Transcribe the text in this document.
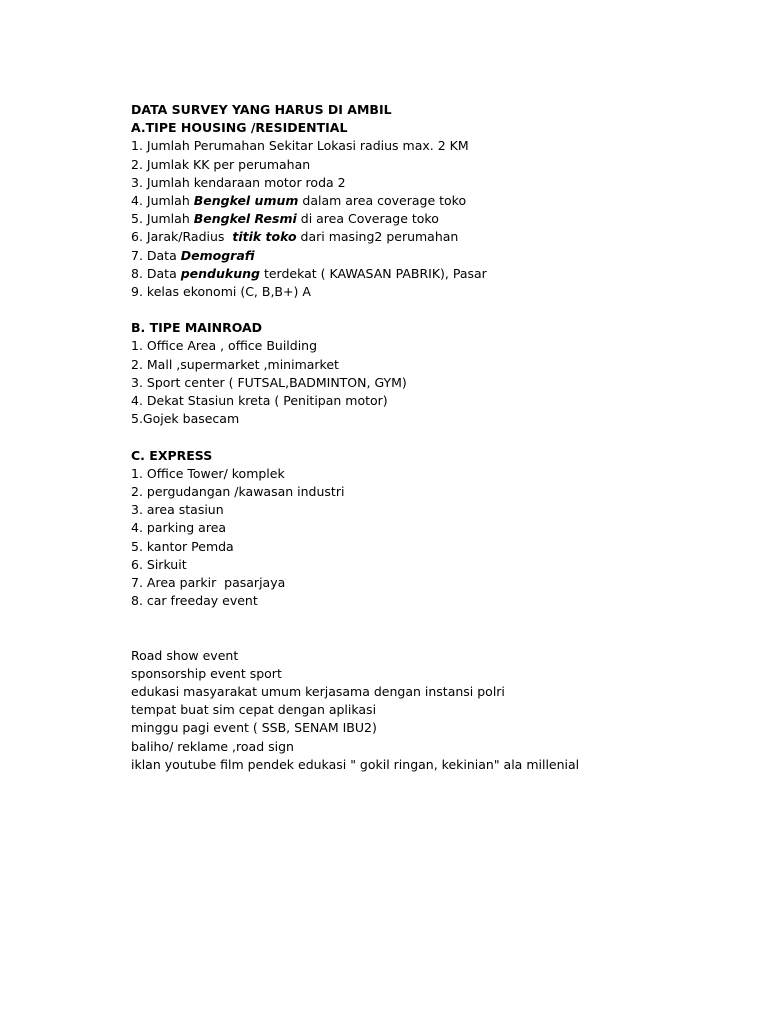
DATA SURVEY YANG HARUS DI AMBIL
A.TIPE HOUSING /RESIDENTIAL
1. Jumlah Perumahan Sekitar Lokasi radius max. 2 KM
2. Jumlak KK per perumahan
3. Jumlah kendaraan motor roda 2
4. Jumlah Bengkel umum dalam area coverage toko
5. Jumlah Bengkel Resmi di area Coverage toko
6. Jarak/Radius  titik toko dari masing2 perumahan
7. Data Demografi
8. Data pendukung terdekat ( KAWASAN PABRIK), Pasar
9. kelas ekonomi (C, B,B+) A
B. TIPE MAINROAD
1. Office Area , office Building
2. Mall ,supermarket ,minimarket
3. Sport center ( FUTSAL,BADMINTON, GYM)
4. Dekat Stasiun kreta ( Penitipan motor)
5.Gojek basecam
C. EXPRESS
1. Office Tower/ komplek
2. pergudangan /kawasan industri
3. area stasiun
4. parking area
5. kantor Pemda
6. Sirkuit
7. Area parkir  pasarjaya
8. car freeday event
Road show event
sponsorship event sport
edukasi masyarakat umum kerjasama dengan instansi polri
tempat buat sim cepat dengan aplikasi
minggu pagi event ( SSB, SENAM IBU2)
baliho/ reklame ,road sign
iklan youtube film pendek edukasi " gokil ringan, kekinian" ala millenial
